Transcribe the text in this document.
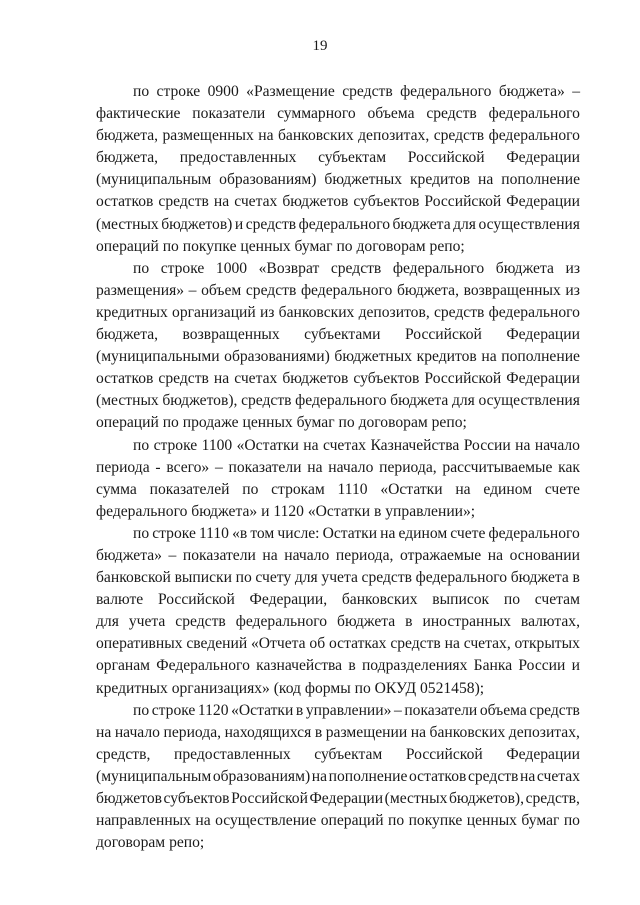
19
по строке 0900 «Размещение средств федерального бюджета» –
фактические показатели суммарного объема средств федерального
бюджета, размещенных на банковских депозитах, средств федерального
бюджета, предоставленных субъектам Российской Федерации
(муниципальным образованиям) бюджетных кредитов на пополнение
остатков средств на счетах бюджетов субъектов Российской Федерации
(местных бюджетов) и средств федерального бюджета для осуществления
операций по покупке ценных бумаг по договорам репо;
по строке 1000 «Возврат средств федерального бюджета из
размещения» – объем средств федерального бюджета, возвращенных из
кредитных организаций из банковских депозитов, средств федерального
бюджета, возвращенных субъектами Российской Федерации
(муниципальными образованиями) бюджетных кредитов на пополнение
остатков средств на счетах бюджетов субъектов Российской Федерации
(местных бюджетов), средств федерального бюджета для осуществления
операций по продаже ценных бумаг по договорам репо;
по строке 1100 «Остатки на счетах Казначейства России на начало
периода - всего» – показатели на начало периода, рассчитываемые как
сумма показателей по строкам 1110 «Остатки на едином счете
федерального бюджета» и 1120 «Остатки в управлении»;
по строке 1110 «в том числе: Остатки на едином счете федерального
бюджета» – показатели на начало периода, отражаемые на основании
банковской выписки по счету для учета средств федерального бюджета в
валюте Российской Федерации, банковских выписок по счетам
для учета средств федерального бюджета в иностранных валютах,
оперативных сведений «Отчета об остатках средств на счетах, открытых
органам Федерального казначейства в подразделениях Банка России и
кредитных организациях» (код формы по ОКУД 0521458);
по строке 1120 «Остатки в управлении» – показатели объема средств
на начало периода, находящихся в размещении на банковских депозитах,
средств, предоставленных субъектам Российской Федерации
(муниципальным образованиям) на пополнение остатков средств на счетах
бюджетов субъектов Российской Федерации (местных бюджетов), средств,
направленных на осуществление операций по покупке ценных бумаг по
договорам репо;
